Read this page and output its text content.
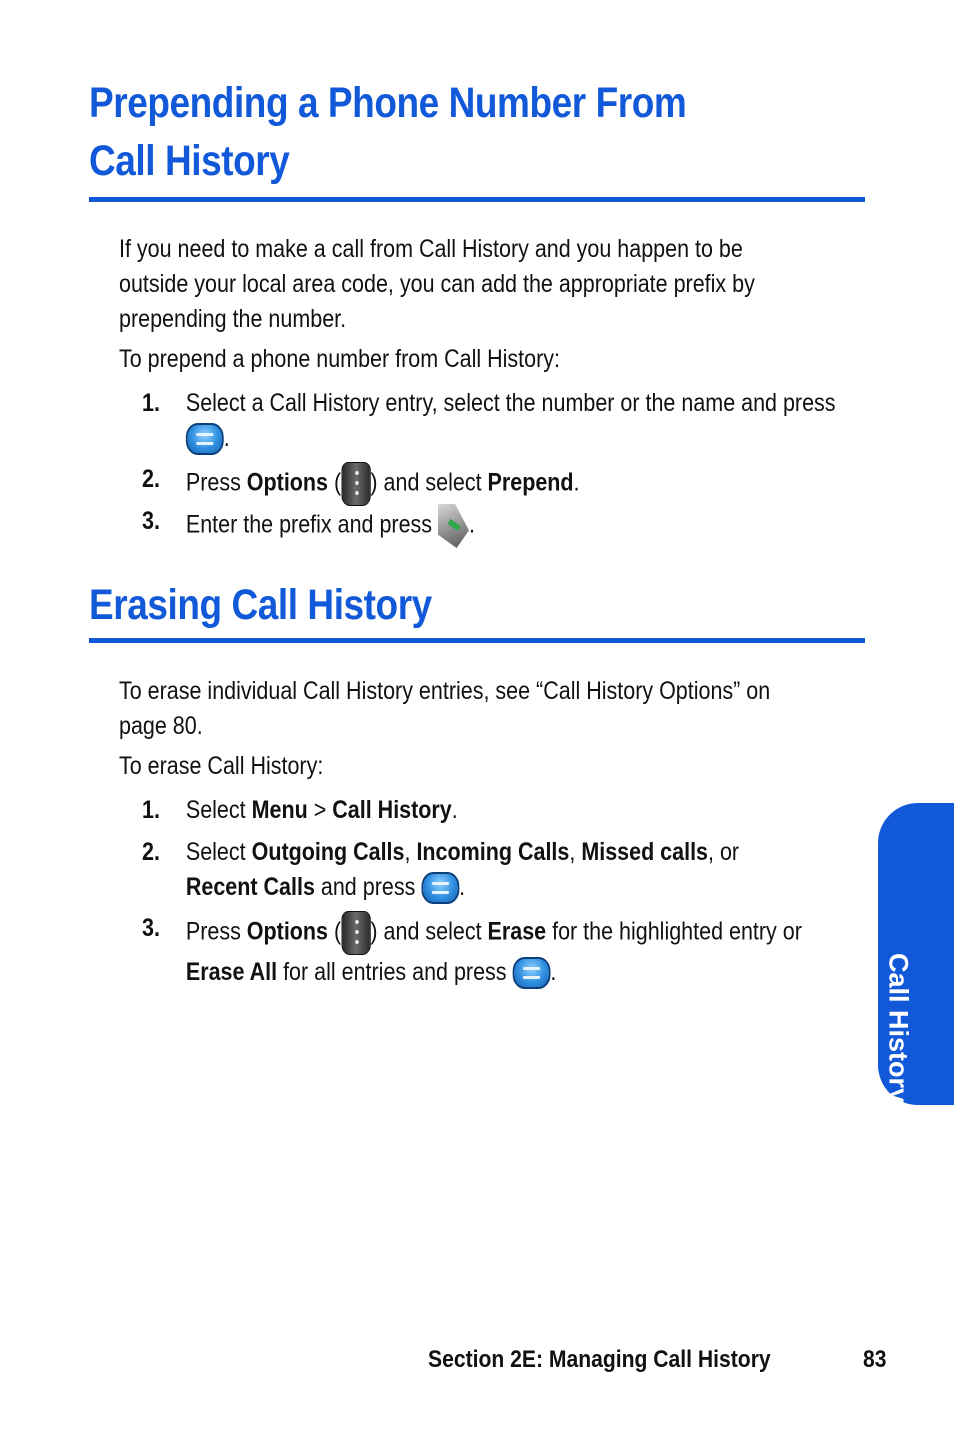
Prepending a Phone Number From
Call History
If you need to make a call from Call History and you happen to be outside your local area code, you can add the appropriate prefix by prepending the number.
To prepend a phone number from Call History:
1. Select a Call History entry, select the number or the name and press
.
2. Press Options ( ) and select Prepend.
3. Enter the prefix and press .
Erasing Call History
To erase individual Call History entries, see “Call History Options” on page 80.
To erase Call History:
1. Select Menu > Call History.
2. Select Outgoing Calls, Incoming Calls, Missed calls, or
Recent Calls and press .
3. Press Options ( ) and select Erase for the highlighted entry or
Erase All for all entries and press .	Call History
Section 2E: Managing Call History	83
